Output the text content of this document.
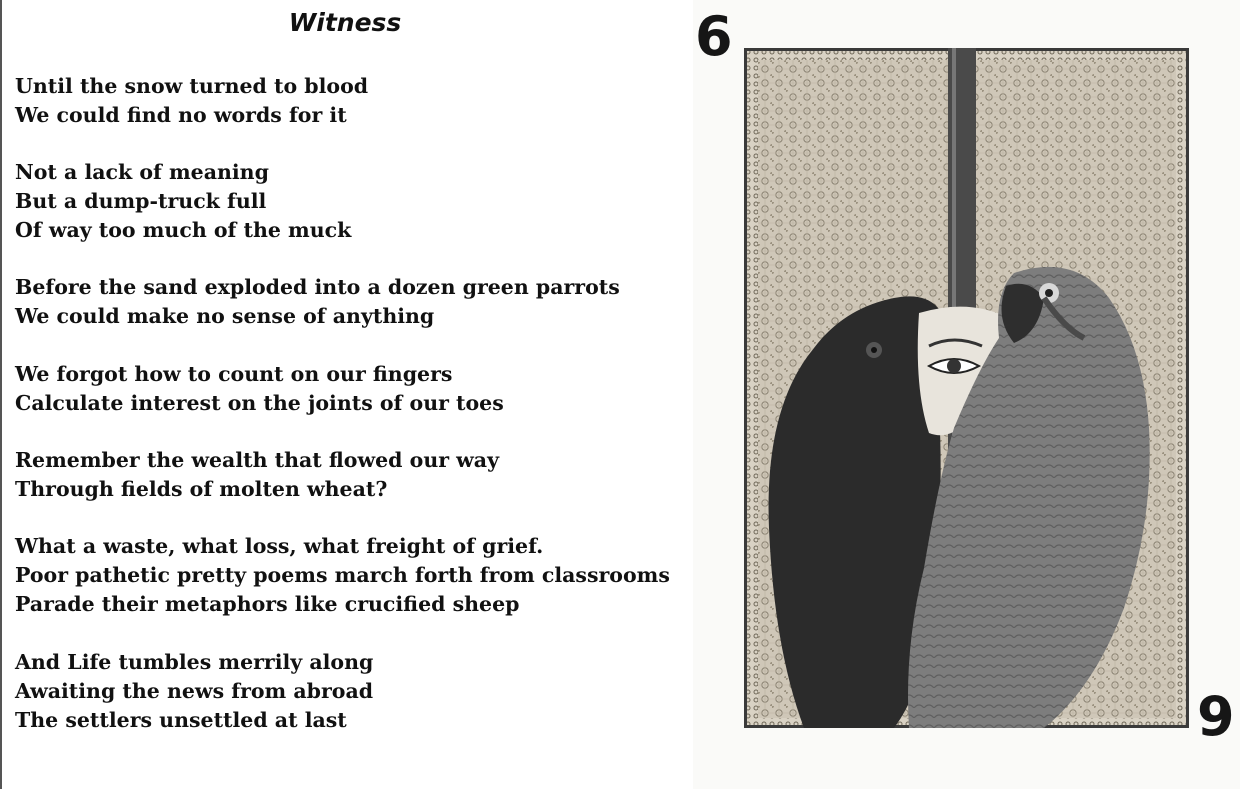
Witness
Until the snow turned to blood
We could find no words for it
Not a lack of meaning
But a dump-truck full
Of way too much of the muck
Before the sand exploded into a dozen green parrots
We could make no sense of anything
We forgot how to count on our fingers
Calculate interest on the joints of our toes
Remember the wealth that flowed our way
Through fields of molten wheat?
What a waste, what loss, what freight of grief.
Poor pathetic pretty poems march forth from classrooms
Parade their metaphors like crucified sheep
And Life tumbles merrily along
Awaiting the news from abroad
The settlers unsettled at last
6
9
